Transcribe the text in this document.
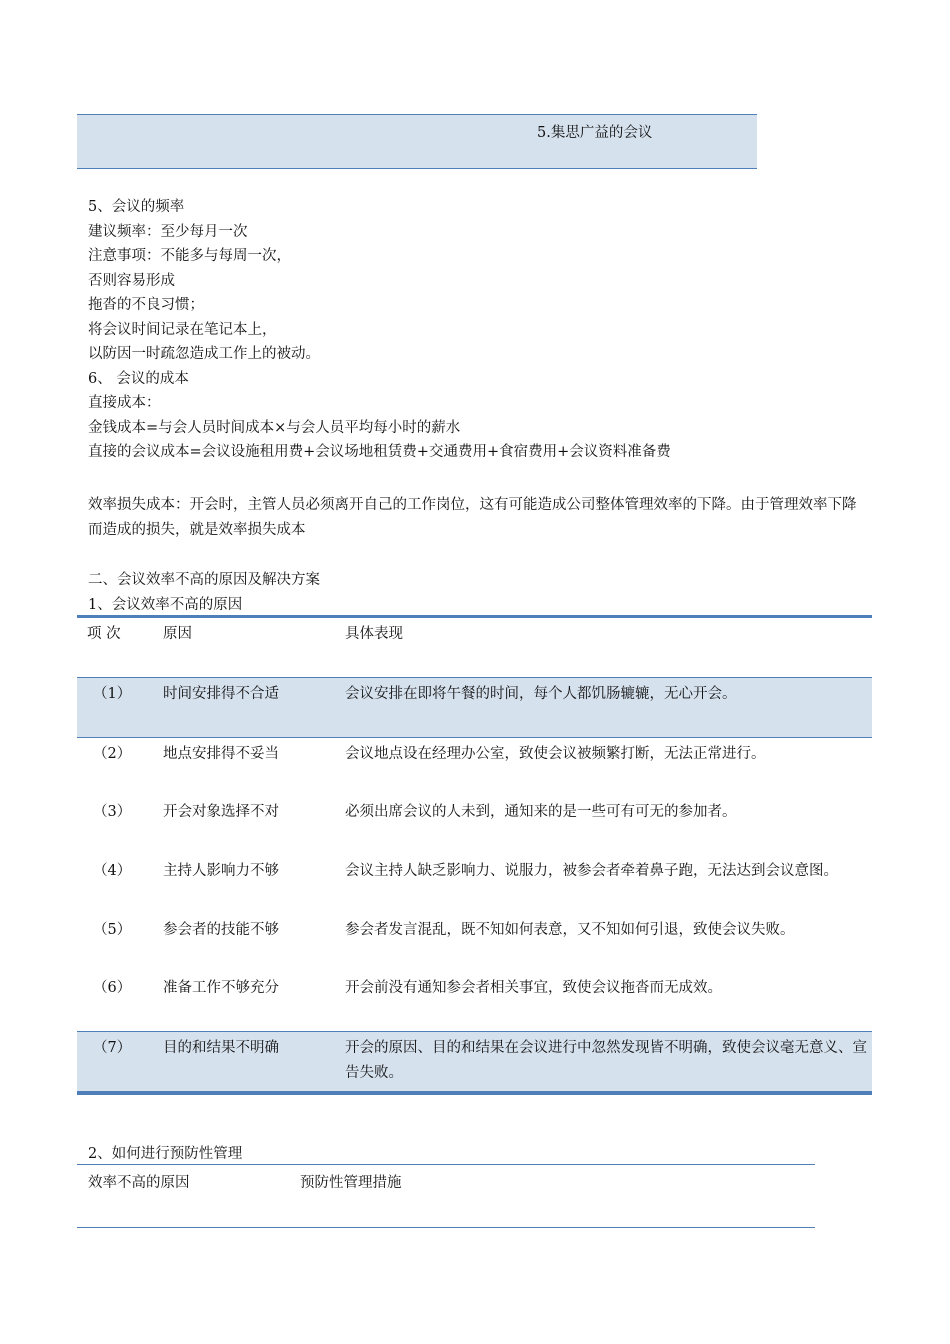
5.集思广益的会议
5、会议的频率
建议频率：至少每月一次
注意事项：不能多与每周一次，
否则容易形成
拖沓的不良习惯；
将会议时间记录在笔记本上，
以防因一时疏忽造成工作上的被动。
6、 会议的成本
直接成本：
金钱成本=与会人员时间成本×与会人员平均每小时的薪水
直接的会议成本=会议设施租用费+会议场地租赁费+交通费用+食宿费用+会议资料准备费
效率损失成本：开会时，主管人员必须离开自己的工作岗位，这有可能造成公司整体管理效率的下降。由于管理效率下降而造成的损失，就是效率损失成本
二、会议效率不高的原因及解决方案
1、会议效率不高的原因
项 次	原因	具体表现
（1） 时间安排得不合适	会议安排在即将午餐的时间，每个人都饥肠辘辘，无心开会。
（2） 地点安排得不妥当	会议地点设在经理办公室，致使会议被频繁打断，无法正常进行。
（3） 开会对象选择不对	必须出席会议的人未到，通知来的是一些可有可无的参加者。
（4） 主持人影响力不够	会议主持人缺乏影响力、说服力，被参会者牵着鼻子跑，无法达到会议意图。
（5） 参会者的技能不够	参会者发言混乱，既不知如何表意，又不知如何引退，致使会议失败。
（6） 准备工作不够充分	开会前没有通知参会者相关事宜，致使会议拖沓而无成效。
（7） 目的和结果不明确	开会的原因、目的和结果在会议进行中忽然发现皆不明确，致使会议毫无意义、宣告失败。
2、如何进行预防性管理
效率不高的原因	预防性管理措施
